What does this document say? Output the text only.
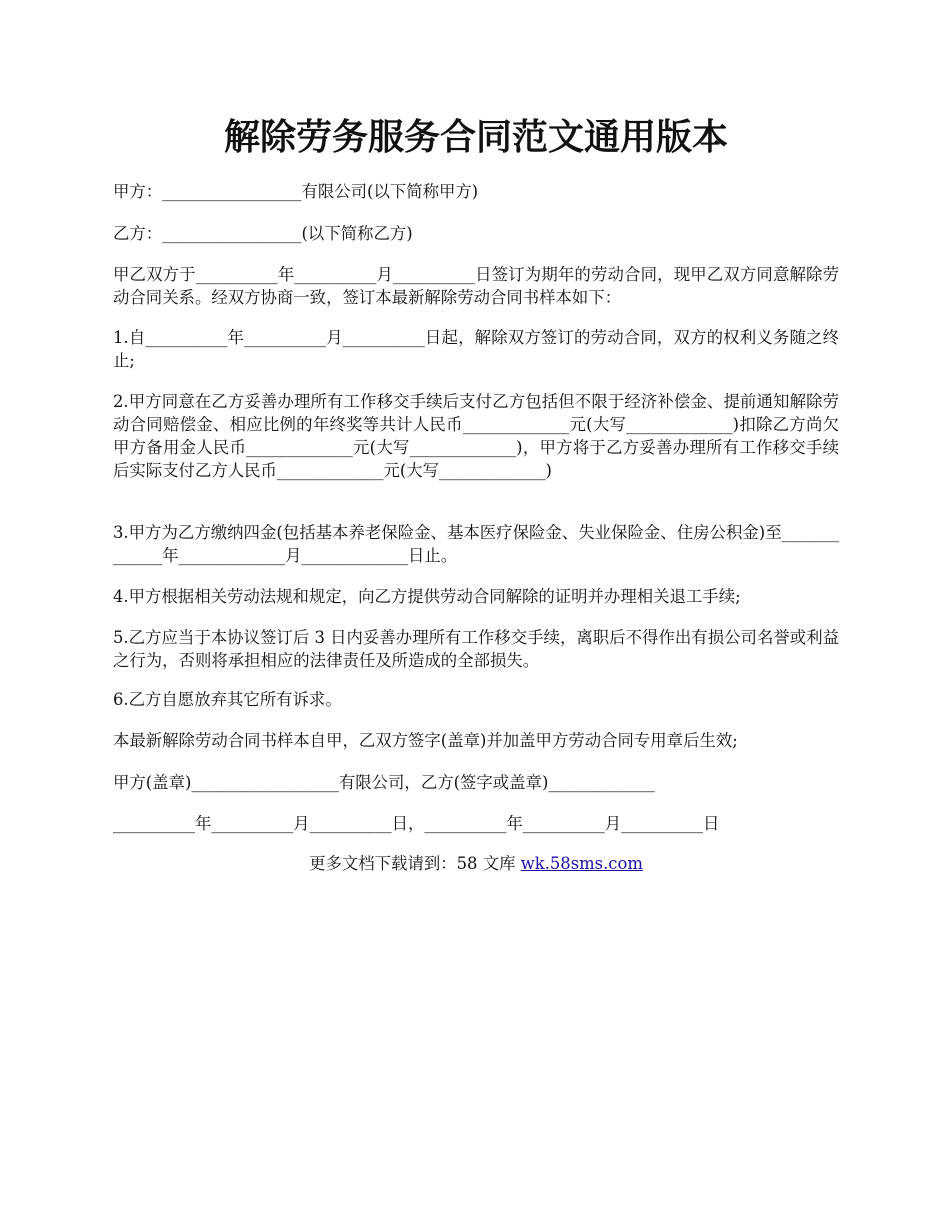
解除劳务服务合同范文通用版本

甲方：_________________有限公司(以下简称甲方)

乙方：_________________(以下简称乙方)

甲乙双方于__________年__________月__________日签订为期年的劳动合同，现甲乙双方同意解除劳动合同关系。经双方协商一致，签订本最新解除劳动合同书样本如下：

1.自__________年__________月__________日起，解除双方签订的劳动合同，双方的权利义务随之终止;

2.甲方同意在乙方妥善办理所有工作移交手续后支付乙方包括但不限于经济补偿金、提前通知解除劳动合同赔偿金、相应比例的年终奖等共计人民币_____________元(大写_____________)扣除乙方尚欠甲方备用金人民币_____________元(大写_____________)，甲方将于乙方妥善办理所有工作移交手续后实际支付乙方人民币_____________元(大写_____________)

3.甲方为乙方缴纳四金(包括基本养老保险金、基本医疗保险金、失业保险金、住房公积金)至_____________年_____________月_____________日止。

4.甲方根据相关劳动法规和规定，向乙方提供劳动合同解除的证明并办理相关退工手续;

5.乙方应当于本协议签订后 3 日内妥善办理所有工作移交手续，离职后不得作出有损公司名誉或利益之行为，否则将承担相应的法律责任及所造成的全部损失。

6.乙方自愿放弃其它所有诉求。

本最新解除劳动合同书样本自甲，乙双方签字(盖章)并加盖甲方劳动合同专用章后生效;

甲方(盖章)__________________有限公司，乙方(签字或盖章)_____________

__________年__________月__________日，__________年__________月__________日

更多文档下载请到：58 文库 wk.58sms.com
